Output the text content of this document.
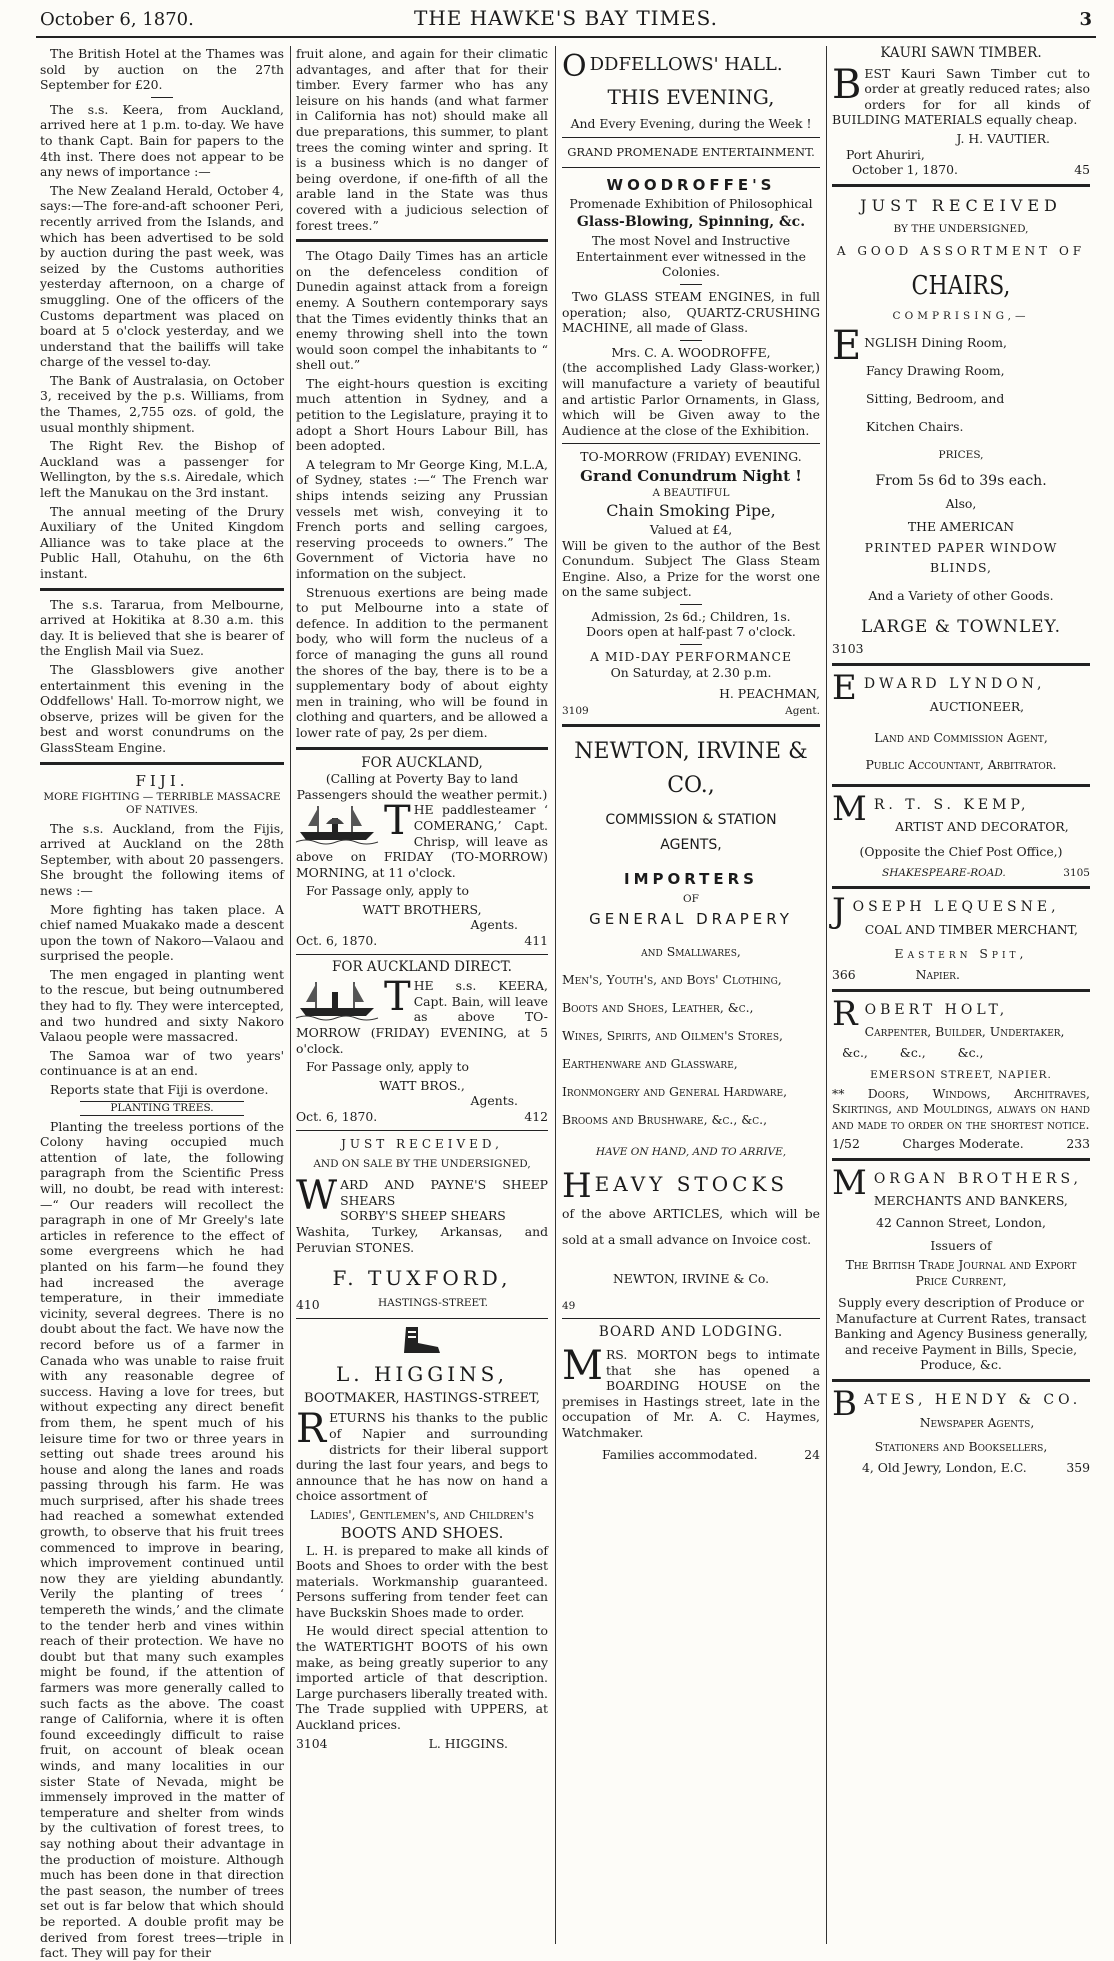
October 6, 1870.	THE HAWKE'S BAY TIMES.	3

The British Hotel at the Thames was sold by auction on the 27th September for £20.

The s.s. Keera, from Auckland, arrived here at 1 p.m. to-day. We have to thank Capt. Bain for papers to the 4th inst. There does not appear to be any news of importance :—

The New Zealand Herald, October 4, says:—The fore-and-aft schooner Peri, recently arrived from the Islands, and which has been advertised to be sold by auction during the past week, was seized by the Customs authorities yesterday afternoon, on a charge of smuggling. One of the officers of the Customs department was placed on board at 5 o'clock yesterday, and we understand that the bailiffs will take charge of the vessel to-day.

The Bank of Australasia, on October 3, received by the p.s. Williams, from the Thames, 2,755 ozs. of gold, the usual monthly shipment.

The Right Rev. the Bishop of Auckland was a passenger for Wellington, by the s.s. Airedale, which left the Manukau on the 3rd instant.

The annual meeting of the Drury Auxiliary of the United Kingdom Alliance was to take place at the Public Hall, Otahuhu, on the 6th instant.

The s.s. Tararua, from Melbourne, arrived at Hokitika at 8.30 a.m. this day. It is believed that she is bearer of the English Mail via Suez.

The Glassblowers give another entertainment this evening in the Oddfellows' Hall. To-morrow night, we observe, prizes will be given for the best and worst conundrums on the GlassSteam Engine.

FIJI.
MORE FIGHTING — TERRIBLE MASSACRE OF NATIVES.

The s.s. Auckland, from the Fijis, arrived at Auckland on the 28th September, with about 20 passengers. She brought the following items of news :—

More fighting has taken place. A chief named Muakako made a descent upon the town of Nakoro—Valaou and surprised the people.

The men engaged in planting went to the rescue, but being outnumbered they had to fly. They were intercepted, and two hundred and sixty Nakoro Valaou people were massacred.

The Samoa war of two years' continuance is at an end.

Reports state that Fiji is overdone.

PLANTING TREES.

Planting the treeless portions of the Colony having occupied much attention of late, the following paragraph from the Scientific Press will, no doubt, be read with interest:—“ Our readers will recollect the paragraph in one of Mr Greely's late articles in reference to the effect of some evergreens which he had planted on his farm—he found they had increased the average temperature, in their immediate vicinity, several degrees. There is no doubt about the fact. We have now the record before us of a farmer in Canada who was unable to raise fruit with any reasonable degree of success. Having a love for trees, but without expecting any direct benefit from them, he spent much of his leisure time for two or three years in setting out shade trees around his house and along the lanes and roads passing through his farm. He was much surprised, after his shade trees had reached a somewhat extended growth, to observe that his fruit trees commenced to improve in bearing, which improvement continued until now they are yielding abundantly. Verily the planting of trees ‘ tempereth the winds,’ and the climate to the tender herb and vines within reach of their protection. We have no doubt but that many such examples might be found, if the attention of farmers was more generally called to such facts as the above. The coast range of California, where it is often found exceedingly difficult to raise fruit, on account of bleak ocean winds, and many localities in our sister State of Nevada, might be immensely improved in the matter of temperature and shelter from winds by the cultivation of forest trees, to say nothing about their advantage in the production of moisture. Although much has been done in that direction the past season, the number of trees set out is far below that which should be reported. A double profit may be derived from forest trees—triple in fact. They will pay for their

fruit alone, and again for their climatic advantages, and after that for their timber. Every farmer who has any leisure on his hands (and what farmer in California has not) should make all due preparations, this summer, to plant trees the coming winter and spring. It is a business which is no danger of being overdone, if one-fifth of all the arable land in the State was thus covered with a judicious selection of forest trees.”

The Otago Daily Times has an article on the defenceless condition of Dunedin against attack from a foreign enemy. A Southern contemporary says that the Times evidently thinks that an enemy throwing shell into the town would soon compel the inhabitants to “ shell out.”

The eight-hours question is exciting much attention in Sydney, and a petition to the Legislature, praying it to adopt a Short Hours Labour Bill, has been adopted.

A telegram to Mr George King, M.L.A, of Sydney, states :—“ The French war ships intends seizing any Prussian vessels met wish, conveying it to French ports and selling cargoes, reserving proceeds to owners.” The Government of Victoria have no information on the subject.

Strenuous exertions are being made to put Melbourne into a state of defence. In addition to the permanent body, who will form the nucleus of a force of managing the guns all round the shores of the bay, there is to be a supplementary body of about eighty men in training, who will be found in clothing and quarters, and be allowed a lower rate of pay, 2s per diem.

FOR AUCKLAND,
(Calling at Poverty Bay to land Passengers should the weather permit.)

THE paddlesteamer ‘ COMERANG,’ Capt. Chrisp, will leave as above on FRIDAY (TO-MORROW) MORNING, at 11 o'clock.

For Passage only, apply to

WATT BROTHERS,
Agents.
Oct. 6, 1870.	411
FOR AUCKLAND DIRECT.

THE s.s. KEERA, Capt. Bain, will leave as above TO-MORROW (FRIDAY) EVENING, at 5 o'clock.

For Passage only, apply to

WATT BROS.,
Agents.
Oct. 6, 1870.	412
JUST RECEIVED,
AND ON SALE BY THE UNDERSIGNED,

WARD AND PAYNE'S SHEEP SHEARS
SORBY'S SHEEP SHEARS
Washita, Turkey, Arkansas, and Peruvian STONES.

F. TUXFORD,
410	HASTINGS-STREET.
L. HIGGINS,
BOOTMAKER, HASTINGS-STREET,

RETURNS his thanks to the public of Napier and surrounding districts for their liberal support during the last four years, and begs to announce that he has now on hand a choice assortment of

Ladies', Gentlemen's, and Children's
BOOTS AND SHOES.

L. H. is prepared to make all kinds of Boots and Shoes to order with the best materials. Workmanship guaranteed. Persons suffering from tender feet can have Buckskin Shoes made to order.

He would direct special attention to the WATERTIGHT BOOTS of his own make, as being greatly superior to any imported article of that description. Large purchasers liberally treated with. The Trade supplied with UPPERS, at Auckland prices.

3104	L. HIGGINS.
ODDFELLOWS' HALL.
THIS EVENING,
And Every Evening, during the Week !
GRAND PROMENADE ENTERTAINMENT.
WOODROFFE'S
Promenade Exhibition of Philosophical
Glass-Blowing, Spinning, &c.

The most Novel and Instructive Entertainment ever witnessed in the Colonies.

Two GLASS STEAM ENGINES, in full operation; also, QUARTZ-CRUSHING MACHINE, all made of Glass.

Mrs. C. A. WOODROFFE,

(the accomplished Lady Glass-worker,) will manufacture a variety of beautiful and artistic Parlor Ornaments, in Glass, which will be Given away to the Audience at the close of the Exhibition.

TO-MORROW (FRIDAY) EVENING.
Grand Conundrum Night !
A BEAUTIFUL
Chain Smoking Pipe,
Valued at £4,

Will be given to the author of the Best Conundum. Subject The Glass Steam Engine. Also, a Prize for the worst one on the same subject.

Admission, 2s 6d.; Children, 1s.
Doors open at half-past 7 o'clock.
A MID-DAY PERFORMANCE
On Saturday, at 2.30 p.m.
3109
H. PEACHMAN,
Agent.
NEWTON, IRVINE & CO.,
COMMISSION & STATION
AGENTS,
IMPORTERS
OF
GENERAL DRAPERY
and Smallwares,
Men's, Youth's, and Boys' Clothing,
Boots and Shoes, Leather, &c.,
Wines, Spirits, and Oilmen's Stores,
Earthenware and Glassware,
Ironmongery and General Hardware,
Brooms and Brushware, &c., &c.,
HAVE ON HAND, AND TO ARRIVE,
HEAVY STOCKS

of the above ARTICLES, which will be sold at a small advance on Invoice cost.

NEWTON, IRVINE & Co.
49
BOARD AND LODGING.

MRS. MORTON begs to intimate that she has opened a BOARDING HOUSE on the premises in Hastings street, late in the occupation of Mr. A. C. Haymes, Watchmaker.

Families accommodated.	24
KAURI SAWN TIMBER.

BEST Kauri Sawn Timber cut to order at greatly reduced rates; also orders for for all kinds of BUILDING MATERIALS equally cheap.

J. H. VAUTIER.
Port Ahuriri,
October 1, 1870.	45
JUST RECEIVED
BY THE UNDERSIGNED,
A GOOD ASSORTMENT OF
CHAIRS,
COMPRISING,—
ENGLISH Dining Room,
Fancy Drawing Room,
Sitting, Bedroom, and
Kitchen Chairs.
PRICES,
From 5s 6d to 39s each.
Also,
THE AMERICAN
PRINTED PAPER WINDOW BLINDS,
And a Variety of other Goods.
LARGE & TOWNLEY.
3103
EDWARD LYNDON,
AUCTIONEER,
Land and Commission Agent,
Public Accountant, Arbitrator.
M R. T. S. KEMP,
ARTIST AND DECORATOR,
(Opposite the Chief Post Office,)
SHAKESPEARE-ROAD.	3105
JOSEPH LEQUESNE,
COAL AND TIMBER MERCHANT,
Eastern Spit,
366	Napier.
ROBERT HOLT,
Carpenter, Builder, Undertaker,
&c., &c., &c.,
EMERSON STREET, NAPIER.

** Doors, Windows, Architraves, Skirtings, and Mouldings, always on hand and made to order on the shortest notice.

1/52	Charges Moderate.	233
MORGAN BROTHERS,
MERCHANTS AND BANKERS,
42 Cannon Street, London,
Issuers of
The British Trade Journal and Export Price Current,

Supply every description of Produce or Manufacture at Current Rates, transact Banking and Agency Business generally, and receive Payment in Bills, Specie, Produce, &c.

BATES, HENDY & CO.
Newspaper Agents,
Stationers and Booksellers,
4, Old Jewry, London, E.C.	359
